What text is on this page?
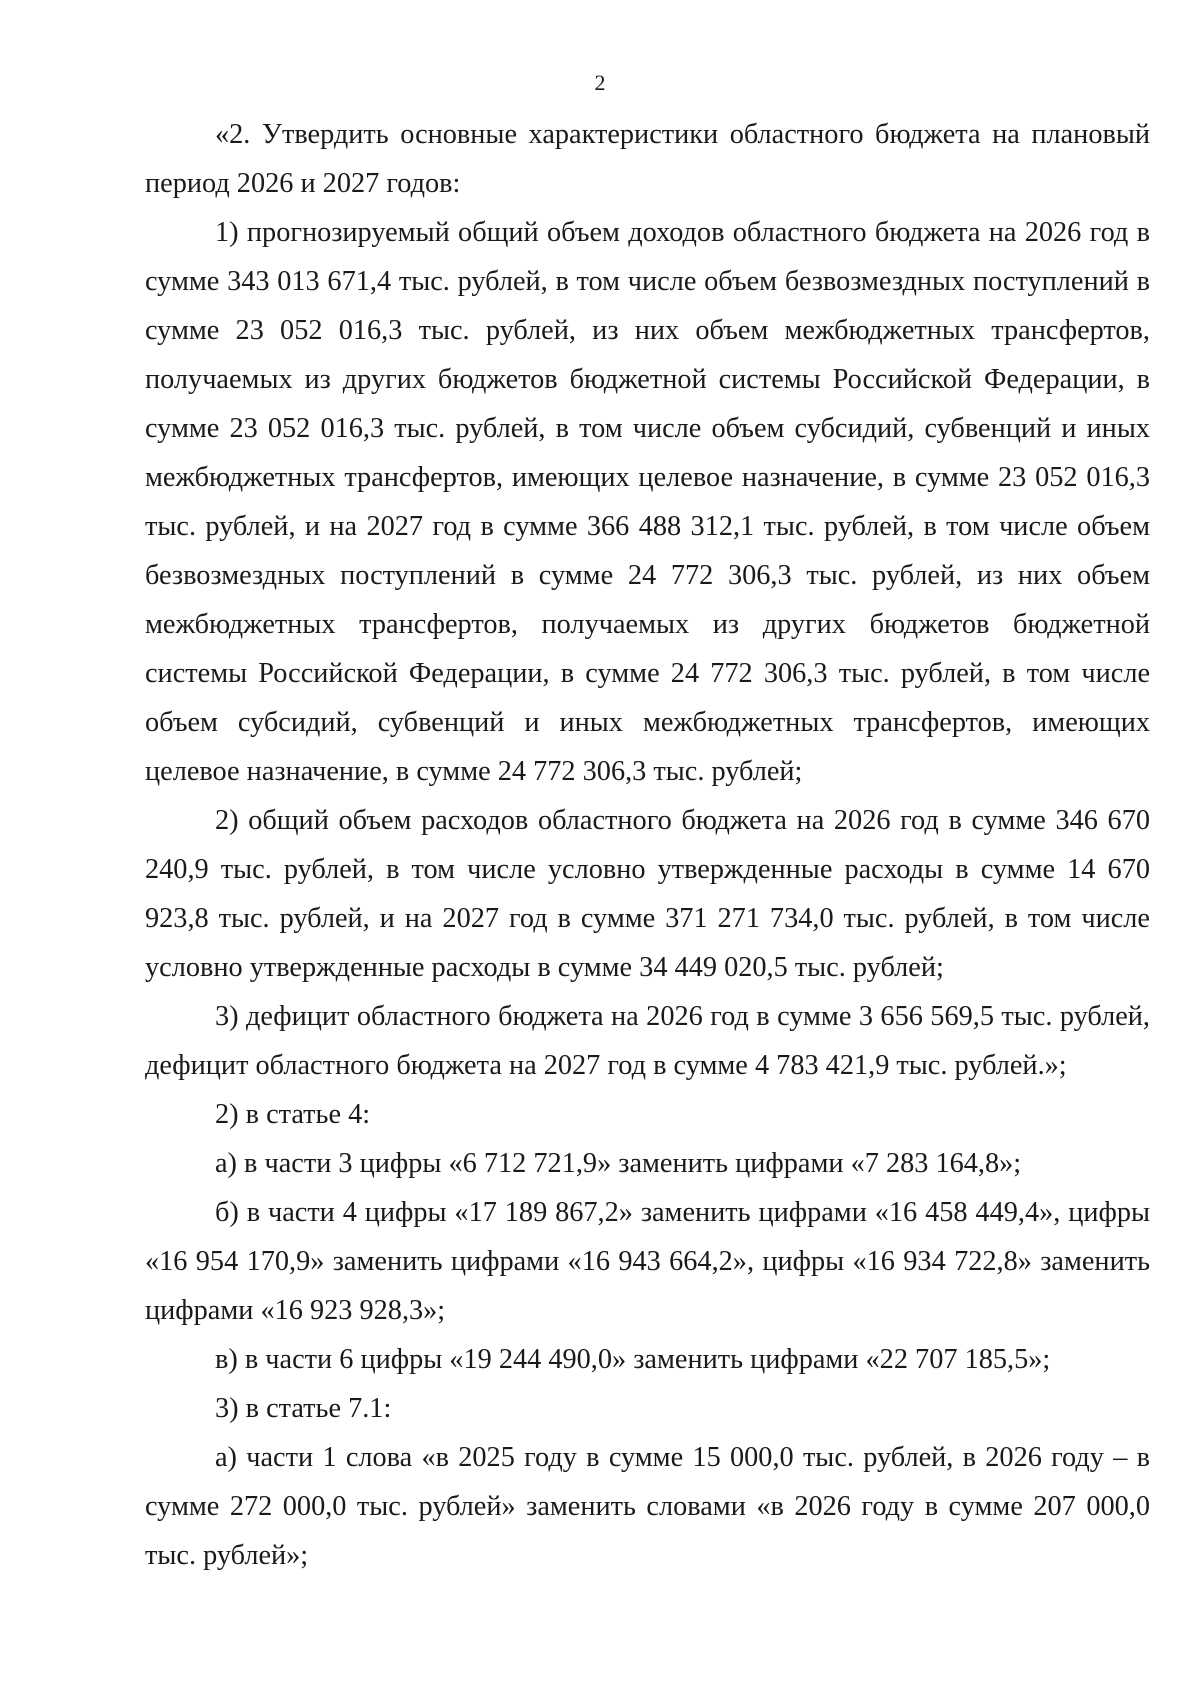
2

«2. Утвердить основные характеристики областного бюджета на плановый период 2026 и 2027 годов:

1) прогнозируемый общий объем доходов областного бюджета на 2026 год в сумме 343 013 671,4 тыс. рублей, в том числе объем безвозмездных поступлений в сумме 23 052 016,3 тыс. рублей, из них объем межбюджетных трансфертов, получаемых из других бюджетов бюджетной системы Российской Федерации, в сумме 23 052 016,3 тыс. рублей, в том числе объем субсидий, субвенций и иных межбюджетных трансфертов, имеющих целевое назначение, в сумме 23 052 016,3 тыс. рублей, и на 2027 год в сумме 366 488 312,1 тыс. рублей, в том числе объем безвозмездных поступлений в сумме 24 772 306,3 тыс. рублей, из них объем межбюджетных трансфертов, получаемых из других бюджетов бюджетной системы Российской Федерации, в сумме 24 772 306,3 тыс. рублей, в том числе объем субсидий, субвенций и иных межбюджетных трансфертов, имеющих целевое назначение, в сумме 24 772 306,3 тыс. рублей;

2) общий объем расходов областного бюджета на 2026 год в сумме 346 670 240,9 тыс. рублей, в том числе условно утвержденные расходы в сумме 14 670 923,8 тыс. рублей, и на 2027 год в сумме 371 271 734,0 тыс. рублей, в том числе условно утвержденные расходы в сумме 34 449 020,5 тыс. рублей;

3) дефицит областного бюджета на 2026 год в сумме 3 656 569,5 тыс. рублей, дефицит областного бюджета на 2027 год в сумме 4 783 421,9 тыс. рублей.»;

2) в статье 4:

а) в части 3 цифры «6 712 721,9» заменить цифрами «7 283 164,8»;

б) в части 4 цифры «17 189 867,2» заменить цифрами «16 458 449,4», цифры «16 954 170,9» заменить цифрами «16 943 664,2», цифры «16 934 722,8» заменить цифрами «16 923 928,3»;

в) в части 6 цифры «19 244 490,0» заменить цифрами «22 707 185,5»;

3) в статье 7.1:

а) части 1 слова «в 2025 году в сумме 15 000,0 тыс. рублей, в 2026 году – в сумме 272 000,0 тыс. рублей» заменить словами «в 2026 году в сумме 207 000,0 тыс. рублей»;
